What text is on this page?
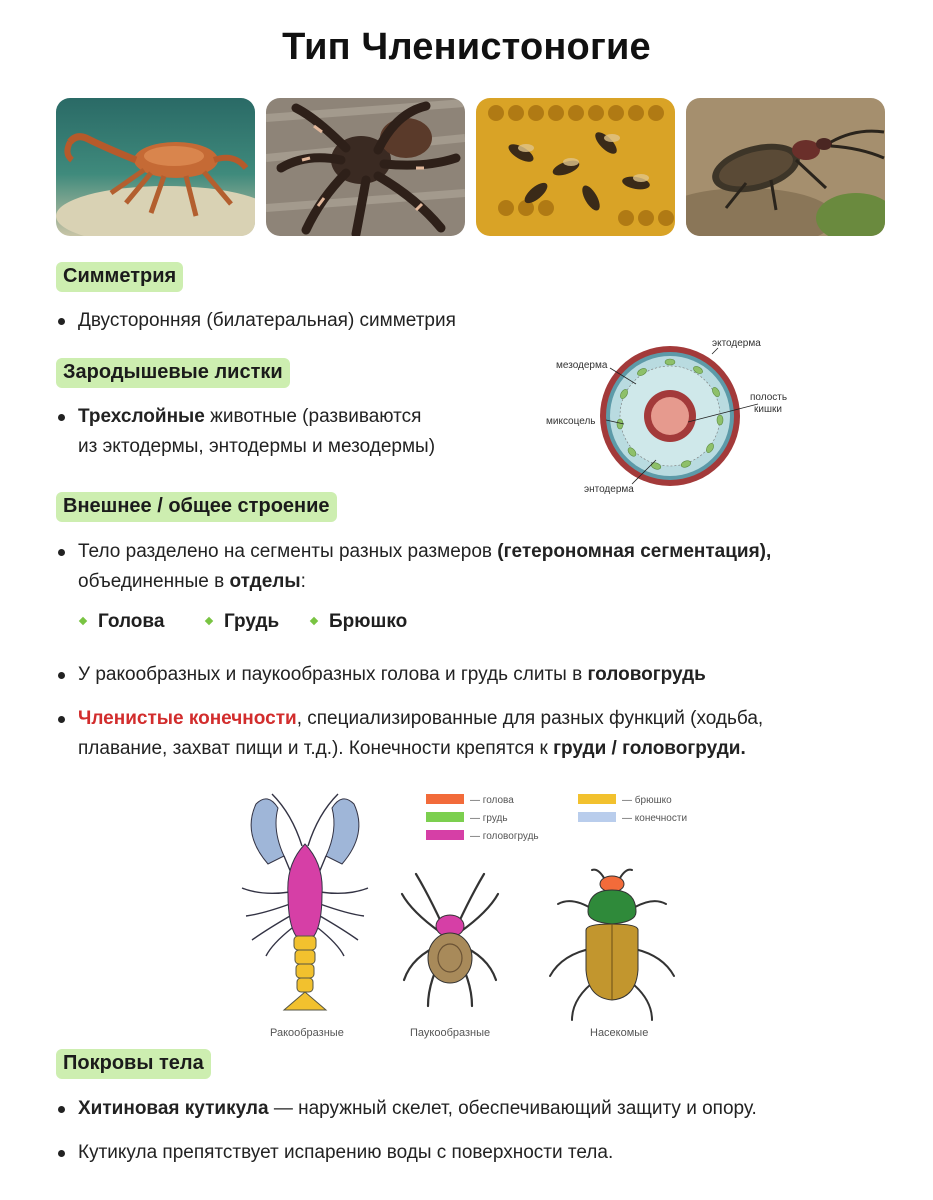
Тип Членистоногие
Симметрия
Двусторонняя (билатеральная) симметрия
Зародышевые листки
Трехслойные животные (развиваются
из эктодермы, энтодермы и мезодермы)
эктодерма
мезодерма
полость
кишки
миксоцель
энтодерма
Внешнее / общее строение
Тело разделено на сегменты разных размеров (гетерономная сегментация),
объединенные в отделы:
Голова	Грудь	Брюшко
У ракообразных и паукообразных голова и грудь слиты в головогрудь
Членистые конечности, специализированные для разных функций (ходьба,
плавание, захват пищи и т.д.). Конечности крепятся к груди / головогруди.
— голова
— грудь
— головогрудь
— брюшко
— конечности
Ракообразные	Паукообразные	Насекомые
Покровы тела
Хитиновая кутикула — наружный скелет, обеспечивающий защиту и опору.
Кутикула препятствует испарению воды с поверхности тела.
